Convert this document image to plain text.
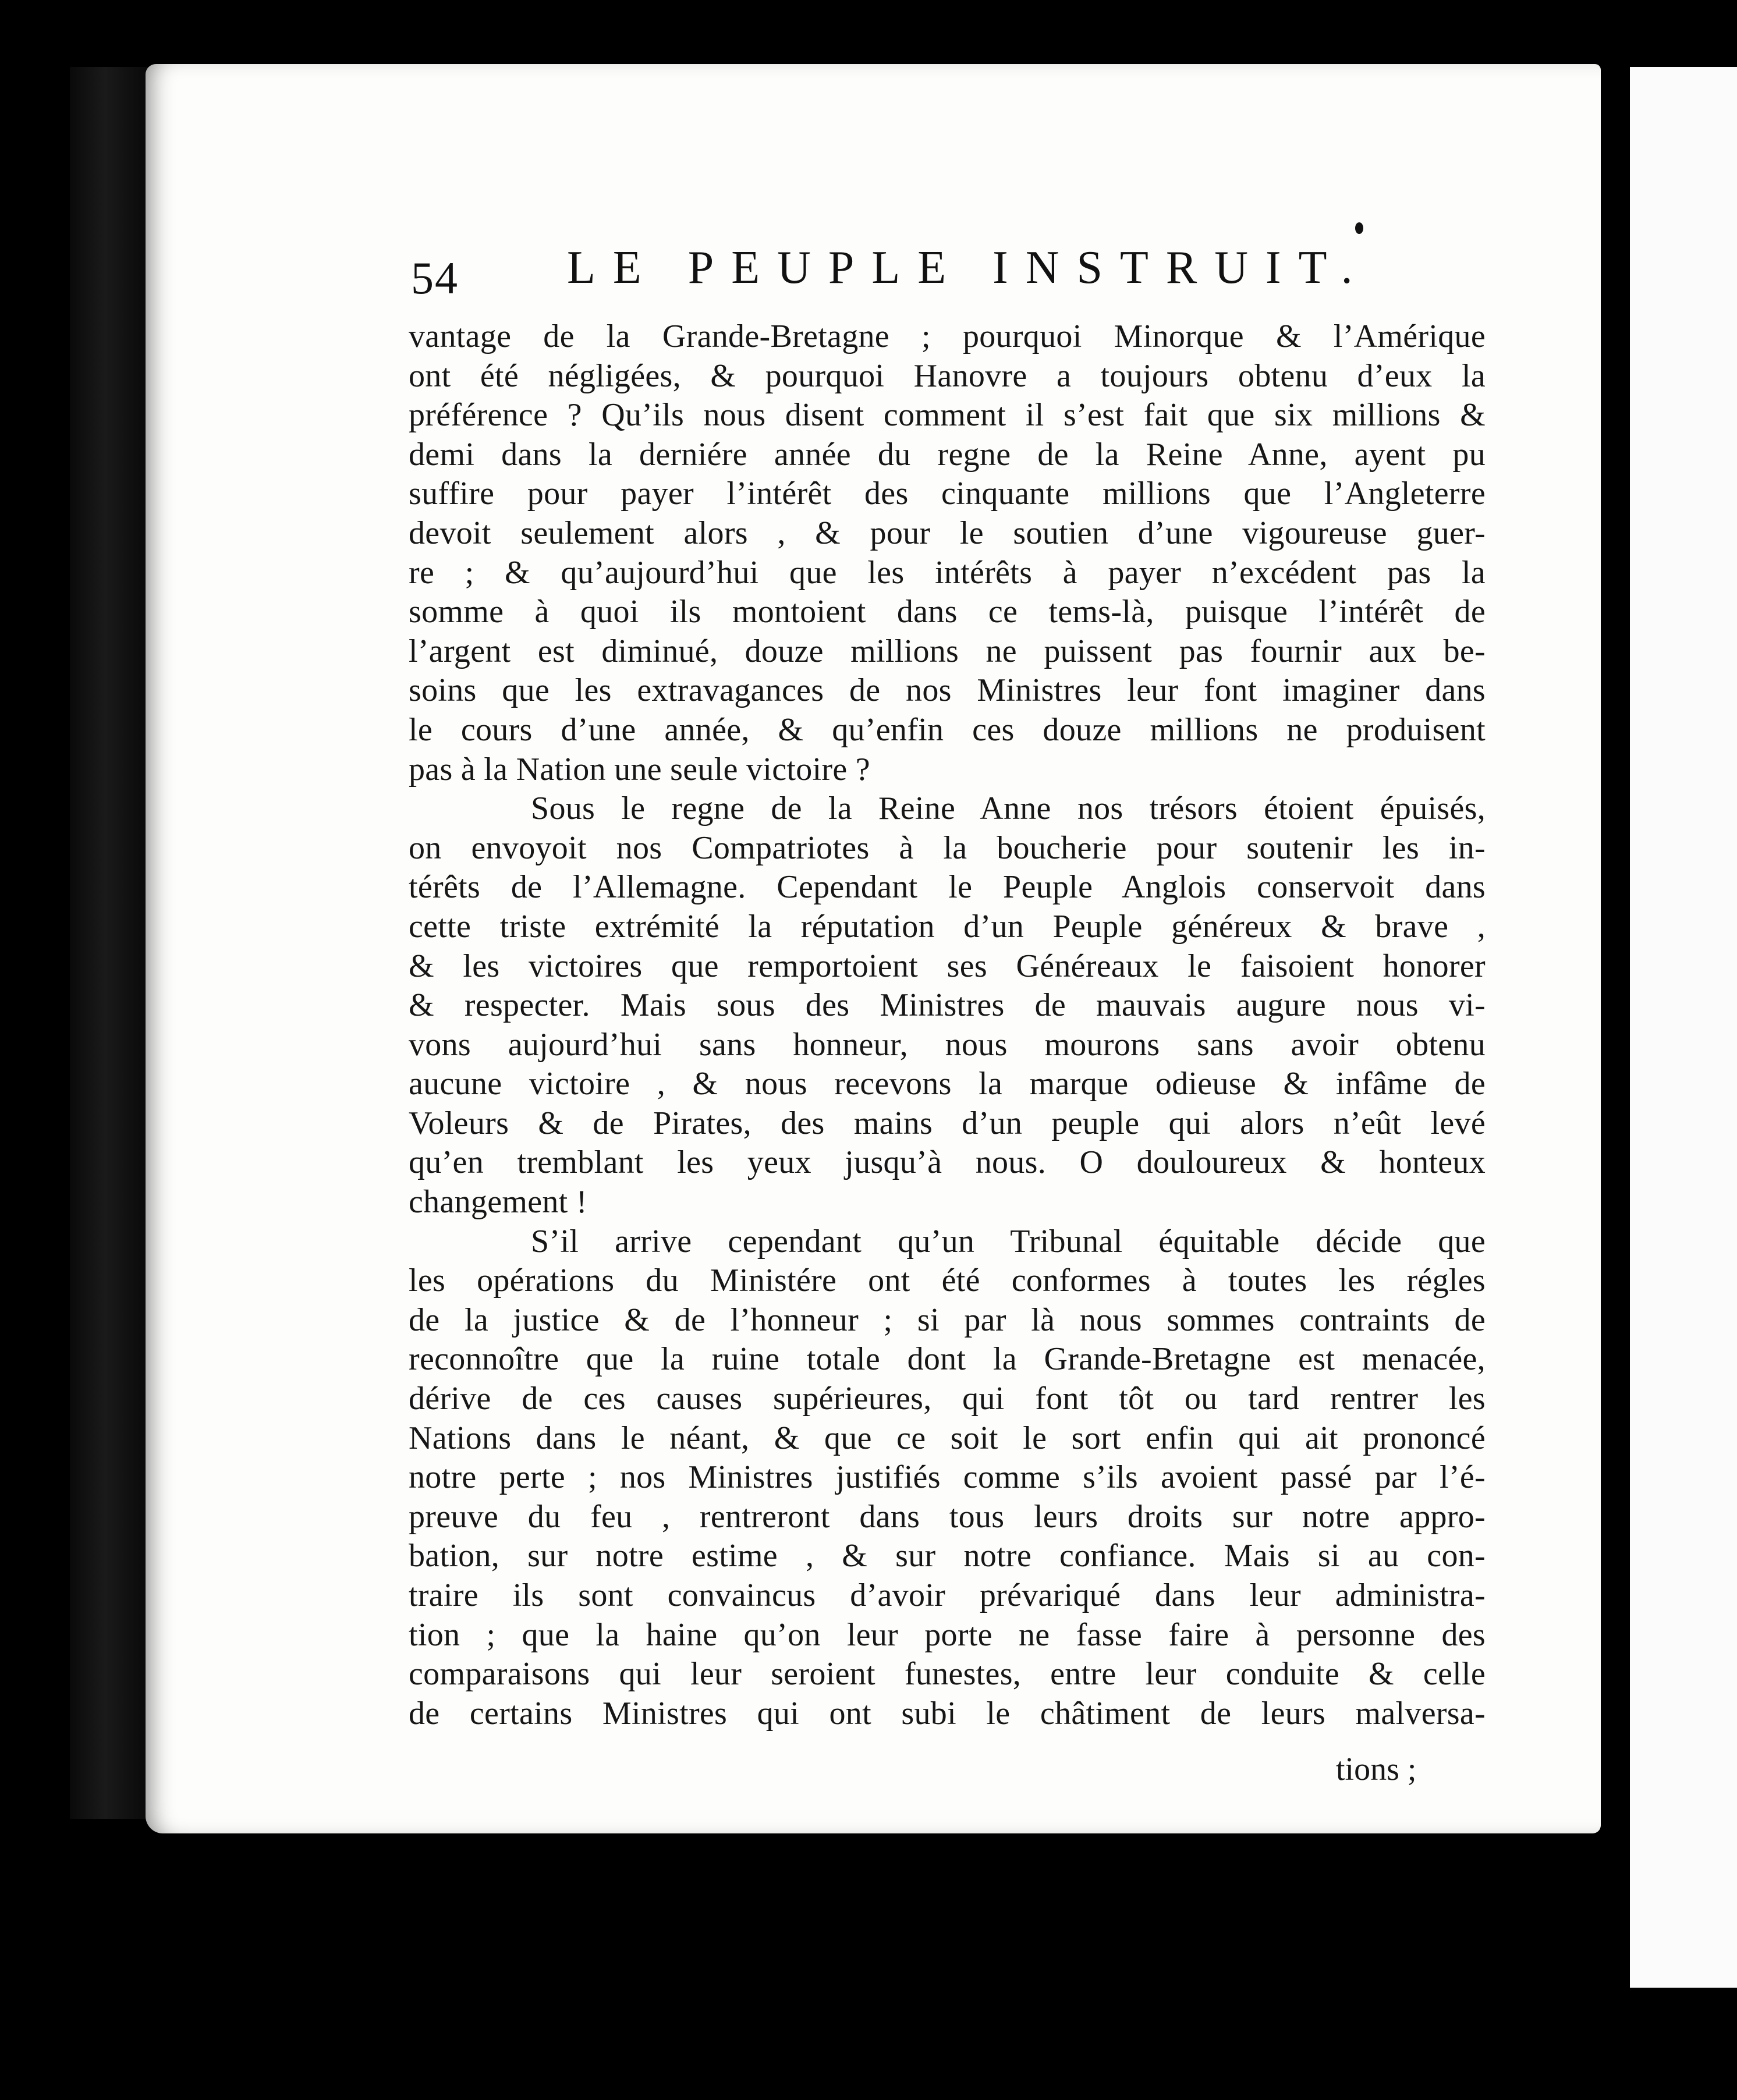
54 LE PEUPLE INSTRUIT.
vantage de la Grande-Bretagne ; pourquoi Minorque & l’Amérique
ont été négligées, & pourquoi Hanovre a toujours obtenu d’eux la
préférence ? Qu’ils nous disent comment il s’est fait que six millions &
demi dans la derniére année du regne de la Reine Anne, ayent pu
suffire pour payer l’intérêt des cinquante millions que l’Angleterre
devoit seulement alors , & pour le soutien d’une vigoureuse guer-
re ; & qu’aujourd’hui que les intérêts à payer n’excédent pas la
somme à quoi ils montoient dans ce tems-là, puisque l’intérêt de
l’argent est diminué, douze millions ne puissent pas fournir aux be-
soins que les extravagances de nos Ministres leur font imaginer dans
le cours d’une année, & qu’enfin ces douze millions ne produisent
pas à la Nation une seule victoire ?
Sous le regne de la Reine Anne nos trésors étoient épuisés,
on envoyoit nos Compatriotes à la boucherie pour soutenir les in-
térêts de l’Allemagne. Cependant le Peuple Anglois conservoit dans
cette triste extrémité la réputation d’un Peuple généreux & brave ,
& les victoires que remportoient ses Généreaux le faisoient honorer
& respecter. Mais sous des Ministres de mauvais augure nous vi-
vons aujourd’hui sans honneur, nous mourons sans avoir obtenu
aucune victoire , & nous recevons la marque odieuse & infâme de
Voleurs & de Pirates, des mains d’un peuple qui alors n’eût levé
qu’en tremblant les yeux jusqu’à nous. O douloureux & honteux
changement !
S’il arrive cependant qu’un Tribunal équitable décide que
les opérations du Ministére ont été conformes à toutes les régles
de la justice & de l’honneur ; si par là nous sommes contraints de
reconnoître que la ruine totale dont la Grande-Bretagne est menacée,
dérive de ces causes supérieures, qui font tôt ou tard rentrer les
Nations dans le néant, & que ce soit le sort enfin qui ait prononcé
notre perte ; nos Ministres justifiés comme s’ils avoient passé par l’é-
preuve du feu , rentreront dans tous leurs droits sur notre appro-
bation, sur notre estime , & sur notre confiance. Mais si au con-
traire ils sont convaincus d’avoir prévariqué dans leur administra-
tion ; que la haine qu’on leur porte ne fasse faire à personne des
comparaisons qui leur seroient funestes, entre leur conduite & celle
de certains Ministres qui ont subi le châtiment de leurs malversa-
tions ;
